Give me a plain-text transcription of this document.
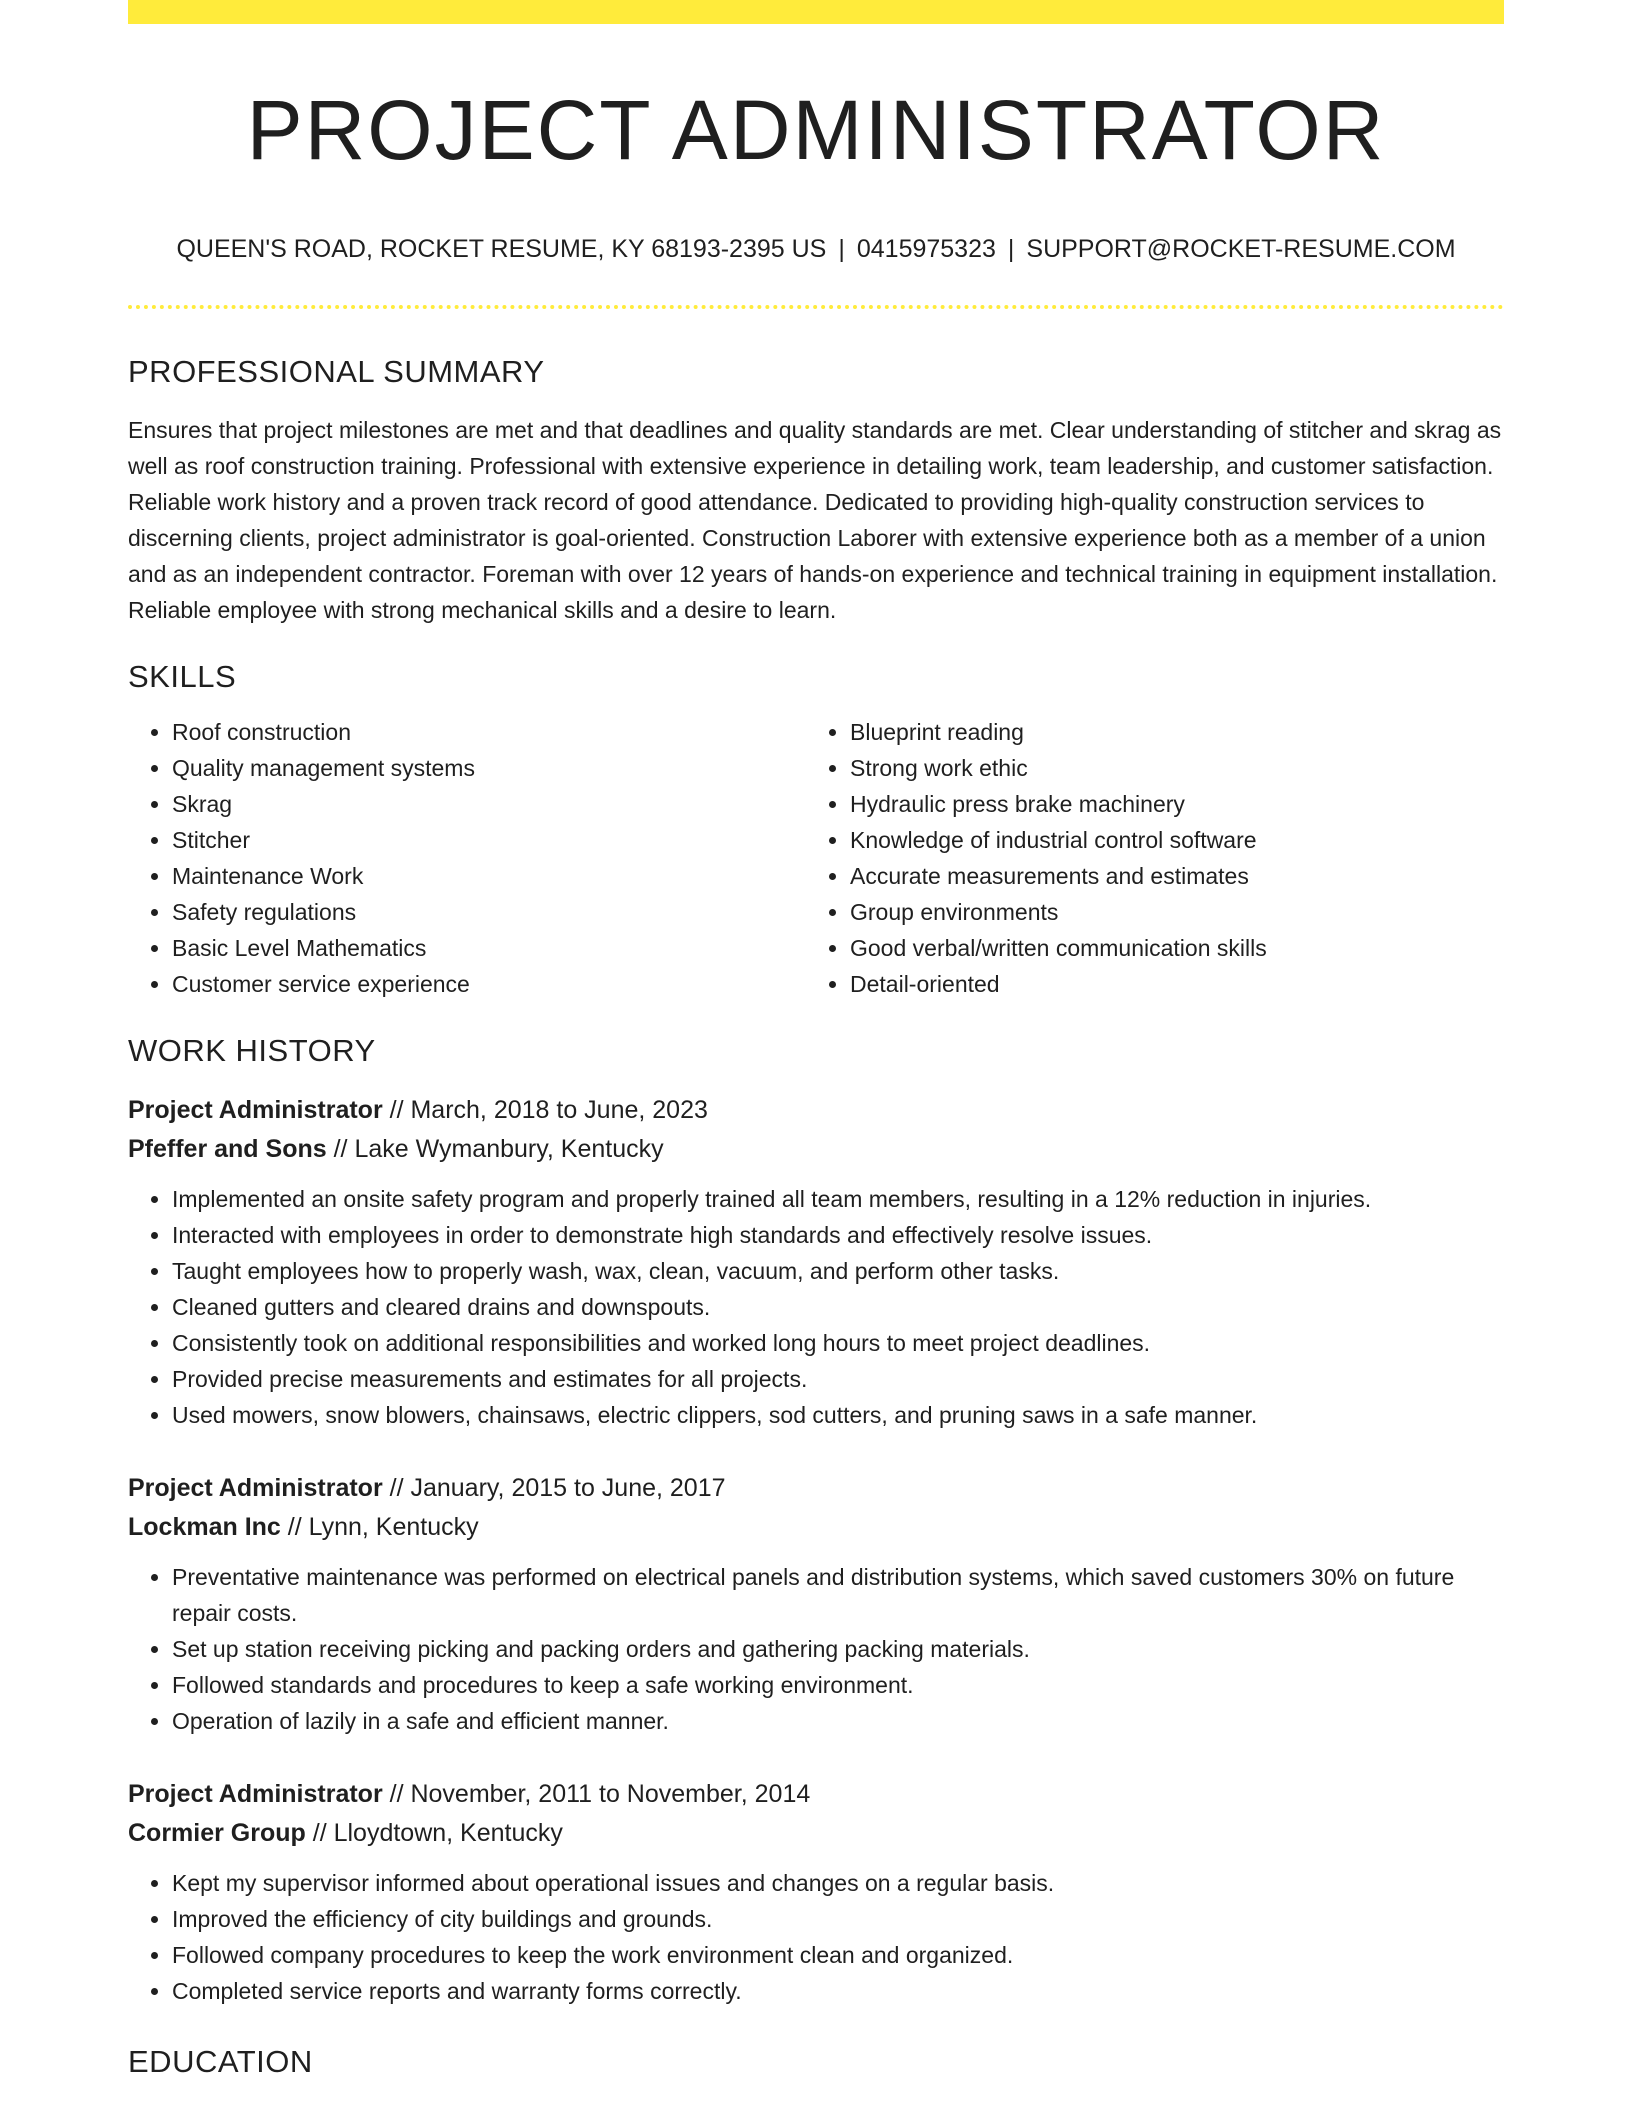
PROJECT ADMINISTRATOR
QUEEN'S ROAD, ROCKET RESUME, KY 68193-2395 US | 0415975323 | SUPPORT@ROCKET-RESUME.COM
PROFESSIONAL SUMMARY

Ensures that project milestones are met and that deadlines and quality standards are met. Clear understanding of stitcher and skrag as well as roof construction training. Professional with extensive experience in detailing work, team leadership, and customer satisfaction. Reliable work history and a proven track record of good attendance. Dedicated to providing high-quality construction services to discerning clients, project administrator is goal-oriented. Construction Laborer with extensive experience both as a member of a union and as an independent contractor. Foreman with over 12 years of hands-on experience and technical training in equipment installation. Reliable employee with strong mechanical skills and a desire to learn.

SKILLS
• Roof construction
• Quality management systems
• Skrag
• Stitcher
• Maintenance Work
• Safety regulations
• Basic Level Mathematics
• Customer service experience
• Blueprint reading
• Strong work ethic
• Hydraulic press brake machinery
• Knowledge of industrial control software
• Accurate measurements and estimates
• Group environments
• Good verbal/written communication skills
• Detail-oriented
WORK HISTORY
Project Administrator // March, 2018 to June, 2023
Pfeffer and Sons // Lake Wymanbury, Kentucky
• Implemented an onsite safety program and properly trained all team members, resulting in a 12% reduction in injuries.
• Interacted with employees in order to demonstrate high standards and effectively resolve issues.
• Taught employees how to properly wash, wax, clean, vacuum, and perform other tasks.
• Cleaned gutters and cleared drains and downspouts.
• Consistently took on additional responsibilities and worked long hours to meet project deadlines.
• Provided precise measurements and estimates for all projects.
• Used mowers, snow blowers, chainsaws, electric clippers, sod cutters, and pruning saws in a safe manner.
Project Administrator // January, 2015 to June, 2017
Lockman Inc // Lynn, Kentucky
• Preventative maintenance was performed on electrical panels and distribution systems, which saved customers 30% on future repair costs.
• Set up station receiving picking and packing orders and gathering packing materials.
• Followed standards and procedures to keep a safe working environment.
• Operation of lazily in a safe and efficient manner.
Project Administrator // November, 2011 to November, 2014
Cormier Group // Lloydtown, Kentucky
• Kept my supervisor informed about operational issues and changes on a regular basis.
• Improved the efficiency of city buildings and grounds.
• Followed company procedures to keep the work environment clean and organized.
• Completed service reports and warranty forms correctly.
EDUCATION
